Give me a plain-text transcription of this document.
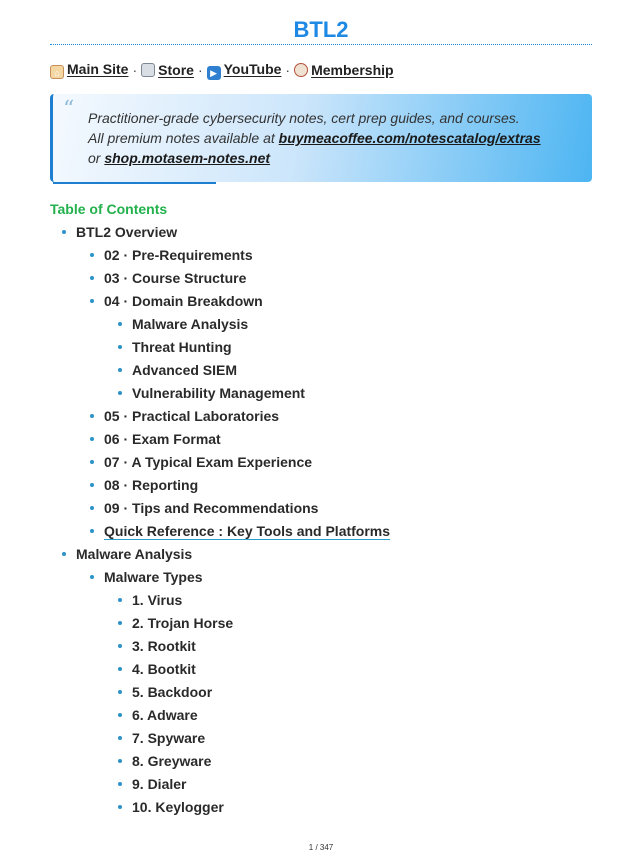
BTL2
⌂ Main Site ·	Store · ▶ YouTube ·	Membership
“ Practitioner-grade cybersecurity notes, cert prep guides, and courses.
All premium notes available at buymeacoffee.com/notescatalog/extras
or shop.motasem-notes.net
Table of Contents
BTL2 Overview
02 · Pre-Requirements
03 · Course Structure
04 · Domain Breakdown
Malware Analysis
Threat Hunting
Advanced SIEM
Vulnerability Management
05 · Practical Laboratories
06 · Exam Format
07 · A Typical Exam Experience
08 · Reporting
09 · Tips and Recommendations
Quick Reference : Key Tools and Platforms
Malware Analysis
Malware Types
1. Virus
2. Trojan Horse
3. Rootkit
4. Bootkit
5. Backdoor
6. Adware
7. Spyware
8. Greyware
9. Dialer
10. Keylogger
1 / 347
